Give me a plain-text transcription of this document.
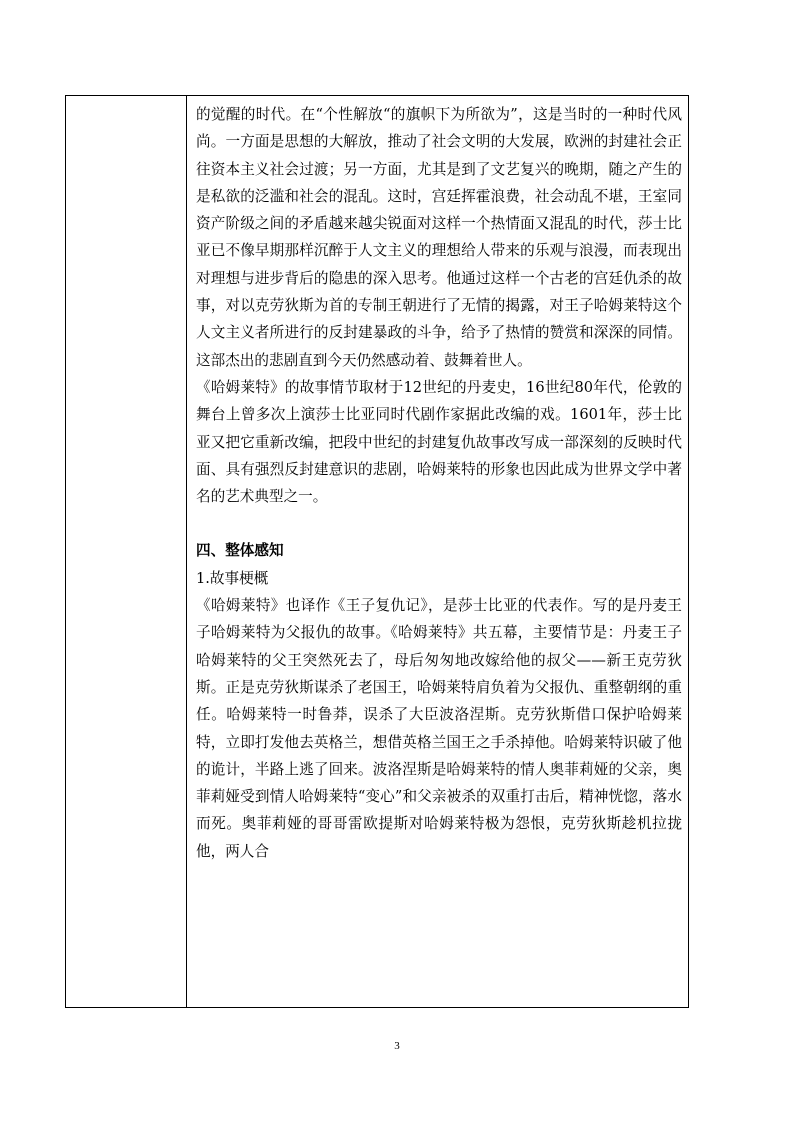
的觉醒的时代。在“个性解放“的旗帜下为所欲为”，这是当时的一种时代风尚。一方面是思想的大解放，推动了社会文明的大发展，欧洲的封建社会正往资本主义社会过渡；另一方面，尤其是到了文艺复兴的晚期，随之产生的是私欲的泛滥和社会的混乱。这时，宫廷挥霍浪费，社会动乱不堪，王室同资产阶级之间的矛盾越来越尖锐面对这样一个热情面又混乱的时代，莎士比亚已不像早期那样沉醉于人文主义的理想给人带来的乐观与浪漫，而表现出对理想与进步背后的隐患的深入思考。他通过这样一个古老的宫廷仇杀的故事，对以克劳狄斯为首的专制王朝进行了无情的揭露，对王子哈姆莱特这个人文主义者所进行的反封建暴政的斗争，给予了热情的赞赏和深深的同情。这部杰出的悲剧直到今天仍然感动着、鼓舞着世人。

《哈姆莱特》的故事情节取材于12世纪的丹麦史，16世纪80年代，伦敦的舞台上曾多次上演莎士比亚同时代剧作家据此改编的戏。1601年，莎士比亚又把它重新改编，把段中世纪的封建复仇故事改写成一部深刻的反映时代面、具有强烈反封建意识的悲剧，哈姆莱特的形象也因此成为世界文学中著名的艺术典型之一。

四、整体感知

1.故事梗概

《哈姆莱特》也译作《王子复仇记》，是莎士比亚的代表作。写的是丹麦王子哈姆莱特为父报仇的故事。《哈姆莱特》共五幕，主要情节是：丹麦王子哈姆莱特的父王突然死去了，母后匆匆地改嫁给他的叔父——新王克劳狄斯。正是克劳狄斯谋杀了老国王，哈姆莱特肩负着为父报仇、重整朝纲的重任。哈姆莱特一时鲁莽，误杀了大臣波洛涅斯。克劳狄斯借口保护哈姆莱特，立即打发他去英格兰，想借英格兰国王之手杀掉他。哈姆莱特识破了他的诡计，半路上逃了回来。波洛涅斯是哈姆莱特的情人奥菲莉娅的父亲，奥菲莉娅受到情人哈姆莱特“变心”和父亲被杀的双重打击后，精神恍惚，落水而死。奥菲莉娅的哥哥雷欧提斯对哈姆莱特极为怨恨，克劳狄斯趁机拉拢他，两人合

3
